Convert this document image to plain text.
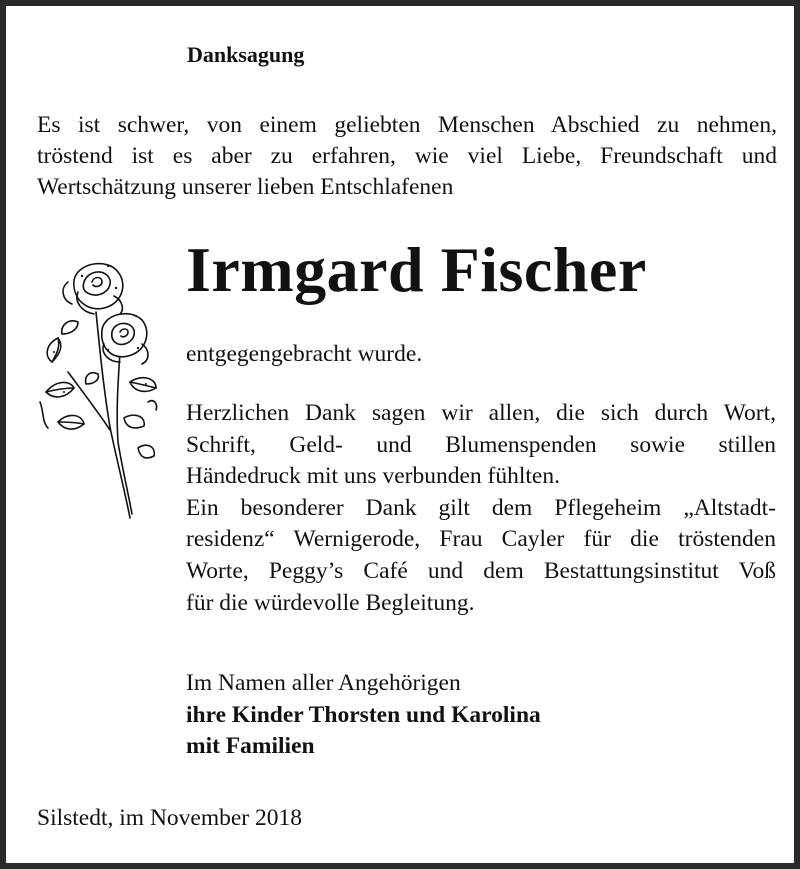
Danksagung

Es ist schwer, von einem geliebten Menschen Abschied zu nehmen,
tröstend ist es aber zu erfahren, wie viel Liebe, Freundschaft und
Wertschätzung unserer lieben Entschlafenen

Irmgard Fischer

entgegengebracht wurde.

Herzlichen Dank sagen wir allen, die sich durch Wort,
Schrift, Geld- und Blumenspenden sowie stillen
Händedruck mit uns verbunden fühlten.
Ein besonderer Dank gilt dem Pflegeheim „Altstadt-
residenz“ Wernigerode, Frau Cayler für die tröstenden
Worte, Peggy’s Café und dem Bestattungsinstitut Voß
für die würdevolle Begleitung.

Im Namen aller Angehörigen
ihre Kinder Thorsten und Karolina
mit Familien

Silstedt, im November 2018
